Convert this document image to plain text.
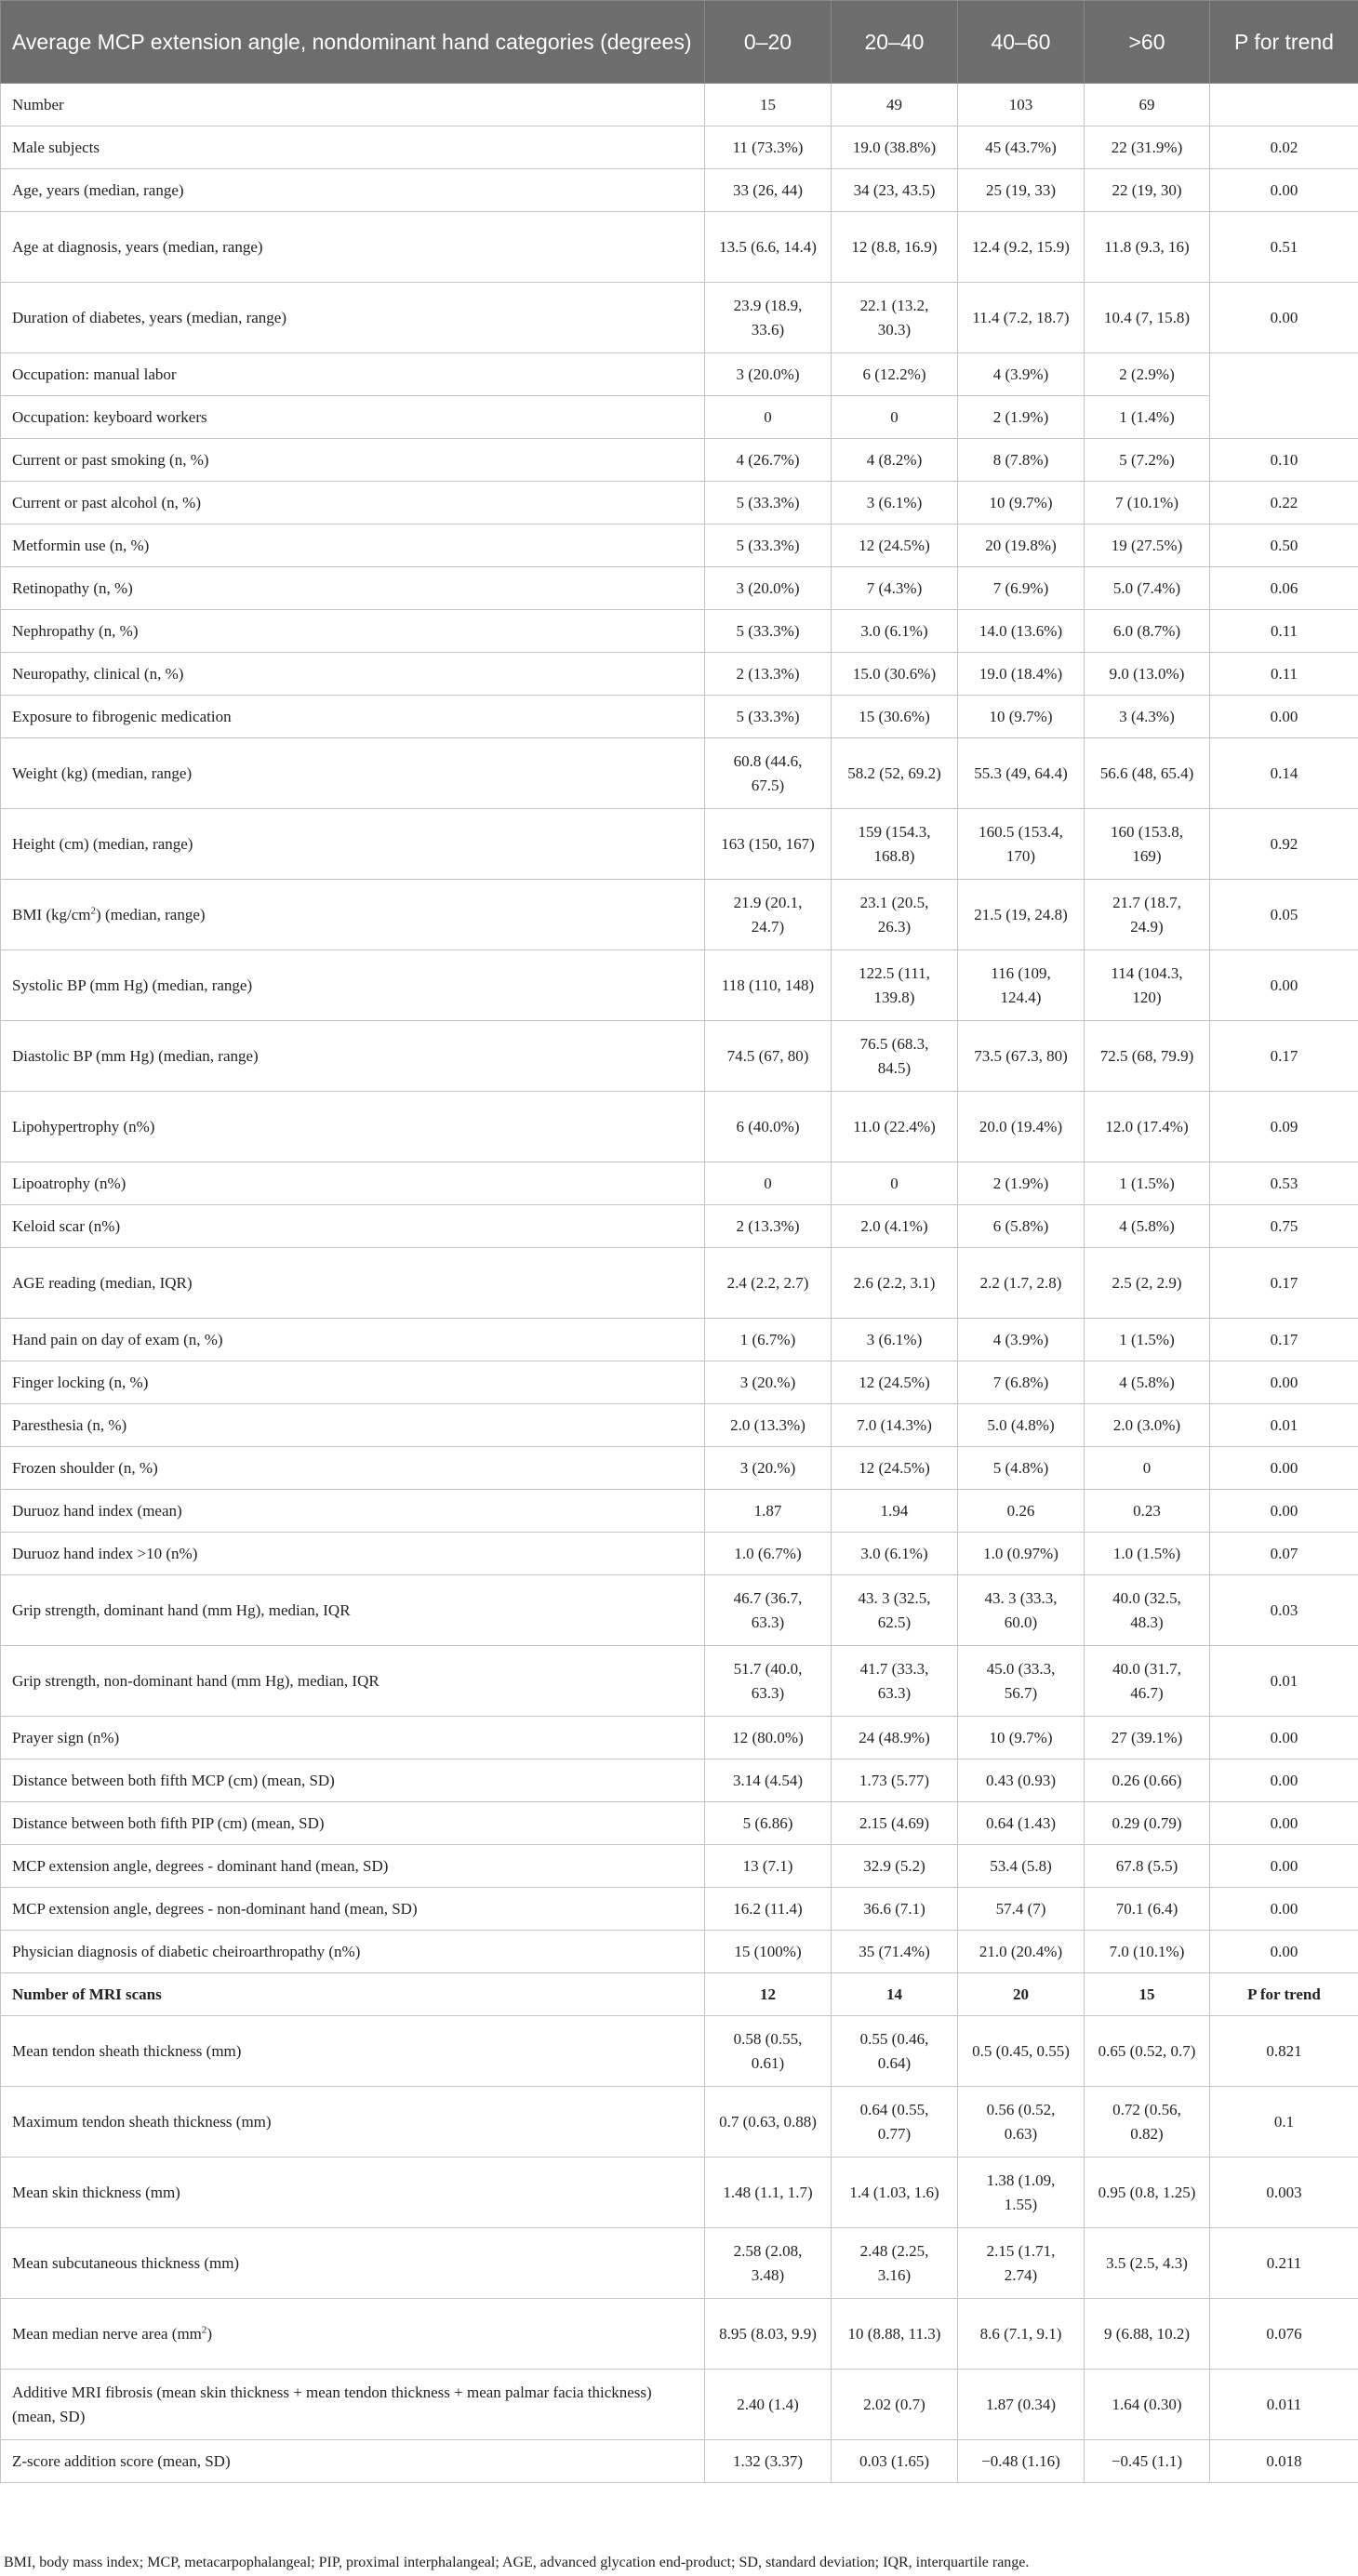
Average MCP extension angle, nondominant hand categories (degrees)	0–20	20–40	40–60	>60	P for trend
Number	15	49	103	69	
Male subjects	11 (73.3%)	19.0 (38.8%)	45 (43.7%)	22 (31.9%)	0.02
Age, years (median, range)	33 (26, 44)	34 (23, 43.5)	25 (19, 33)	22 (19, 30)	0.00
Age at diagnosis, years (median, range)	13.5 (6.6, 14.4)	12 (8.8, 16.9)	12.4 (9.2, 15.9)	11.8 (9.3, 16)	0.51
Duration of diabetes, years (median, range)	23.9 (18.9, 33.6)	22.1 (13.2, 30.3)	11.4 (7.2, 18.7)	10.4 (7, 15.8)	0.00
Occupation: manual labor	3 (20.0%)	6 (12.2%)	4 (3.9%)	2 (2.9%)	
Occupation: keyboard workers	0	0	2 (1.9%)	1 (1.4%)	
Current or past smoking (n, %)	4 (26.7%)	4 (8.2%)	8 (7.8%)	5 (7.2%)	0.10
Current or past alcohol (n, %)	5 (33.3%)	3 (6.1%)	10 (9.7%)	7 (10.1%)	0.22
Metformin use (n, %)	5 (33.3%)	12 (24.5%)	20 (19.8%)	19 (27.5%)	0.50
Retinopathy (n, %)	3 (20.0%)	7 (4.3%)	7 (6.9%)	5.0 (7.4%)	0.06
Nephropathy (n, %)	5 (33.3%)	3.0 (6.1%)	14.0 (13.6%)	6.0 (8.7%)	0.11
Neuropathy, clinical (n, %)	2 (13.3%)	15.0 (30.6%)	19.0 (18.4%)	9.0 (13.0%)	0.11
Exposure to fibrogenic medication	5 (33.3%)	15 (30.6%)	10 (9.7%)	3 (4.3%)	0.00
Weight (kg) (median, range)	60.8 (44.6, 67.5)	58.2 (52, 69.2)	55.3 (49, 64.4)	56.6 (48, 65.4)	0.14
Height (cm) (median, range)	163 (150, 167)	159 (154.3, 168.8)	160.5 (153.4, 170)	160 (153.8, 169)	0.92
BMI $(kg/cm^2)$ (median, range)	21.9 (20.1, 24.7)	23.1 (20.5, 26.3)	21.5 (19, 24.8)	21.7 (18.7, 24.9)	0.05
Systolic BP (mm Hg) (median, range)	118 (110, 148)	122.5 (111, 139.8)	116 (109, 124.4)	114 (104.3, 120)	0.00
Diastolic BP (mm Hg) (median, range)	74.5 (67, 80)	76.5 (68.3, 84.5)	73.5 (67.3, 80)	72.5 (68, 79.9)	0.17
Lipohypertrophy (n%)	6 (40.0%)	11.0 (22.4%)	20.0 (19.4%)	12.0 (17.4%)	0.09
Lipoatrophy (n%)	0	0	2 (1.9%)	1 (1.5%)	0.53
Keloid scar (n%)	2 (13.3%)	2.0 (4.1%)	6 (5.8%)	4 (5.8%)	0.75
AGE reading (median, IQR)	2.4 (2.2, 2.7)	2.6 (2.2, 3.1)	2.2 (1.7, 2.8)	2.5 (2, 2.9)	0.17
Hand pain on day of exam (n, %)	1 (6.7%)	3 (6.1%)	4 (3.9%)	1 (1.5%)	0.17
Finger locking (n, %)	3 (20.%)	12 (24.5%)	7 (6.8%)	4 (5.8%)	0.00
Paresthesia (n, %)	2.0 (13.3%)	7.0 (14.3%)	5.0 (4.8%)	2.0 (3.0%)	0.01
Frozen shoulder (n, %)	3 (20.%)	12 (24.5%)	5 (4.8%)	0	0.00
Duruoz hand index (mean)	1.87	1.94	0.26	0.23	0.00
Duruoz hand index >10 (n%)	1.0 (6.7%)	3.0 (6.1%)	1.0 (0.97%)	1.0 (1.5%)	0.07
Grip strength, dominant hand (mm Hg), median, IQR	46.7 (36.7, 63.3)	43. 3 (32.5, 62.5)	43. 3 (33.3, 60.0)	40.0 (32.5, 48.3)	0.03
Grip strength, non-dominant hand (mm Hg), median, IQR	51.7 (40.0, 63.3)	41.7 (33.3, 63.3)	45.0 (33.3, 56.7)	40.0 (31.7, 46.7)	0.01
Prayer sign (n%)	12 (80.0%)	24 (48.9%)	10 (9.7%)	27 (39.1%)	0.00
Distance between both fifth MCP (cm) (mean, SD)	3.14 (4.54)	1.73 (5.77)	0.43 (0.93)	0.26 (0.66)	0.00
Distance between both fifth PIP (cm) (mean, SD)	5 (6.86)	2.15 (4.69)	0.64 (1.43)	0.29 (0.79)	0.00
MCP extension angle, degrees - dominant hand (mean, SD)	13 (7.1)	32.9 (5.2)	53.4 (5.8)	67.8 (5.5)	0.00
MCP extension angle, degrees - non-dominant hand (mean, SD)	16.2 (11.4)	36.6 (7.1)	57.4 (7)	70.1 (6.4)	0.00
Physician diagnosis of diabetic cheiroarthropathy (n%)	15 (100%)	35 (71.4%)	21.0 (20.4%)	7.0 (10.1%)	0.00
Number of MRI scans	12	14	20	15	P for trend
Mean tendon sheath thickness (mm)	0.58 (0.55, 0.61)	0.55 (0.46, 0.64)	0.5 (0.45, 0.55)	0.65 (0.52, 0.7)	0.821
Maximum tendon sheath thickness (mm)	0.7 (0.63, 0.88)	0.64 (0.55, 0.77)	0.56 (0.52, 0.63)	0.72 (0.56, 0.82)	0.1
Mean skin thickness (mm)	1.48 (1.1, 1.7)	1.4 (1.03, 1.6)	1.38 (1.09, 1.55)	0.95 (0.8, 1.25)	0.003
Mean subcutaneous thickness (mm)	2.58 (2.08, 3.48)	2.48 (2.25, 3.16)	2.15 (1.71, 2.74)	3.5 (2.5, 4.3)	0.211
Mean median nerve area $(mm^2)$	8.95 (8.03, 9.9)	10 (8.88, 11.3)	8.6 (7.1, 9.1)	9 (6.88, 10.2)	0.076
Additive MRI fibrosis (mean skin thickness + mean tendon thickness + mean palmar facia thickness) (mean, SD)	2.40 (1.4)	2.02 (0.7)	1.87 (0.34)	1.64 (0.30)	0.011
Z-score addition score (mean, SD)	1.32 (3.37)	0.03 (1.65)	−0.48 (1.16)	−0.45 (1.1)	0.018
BMI, body mass index; MCP, metacarpophalangeal; PIP, proximal interphalangeal; AGE, advanced glycation end-product; SD, standard deviation; IQR, interquartile range.
